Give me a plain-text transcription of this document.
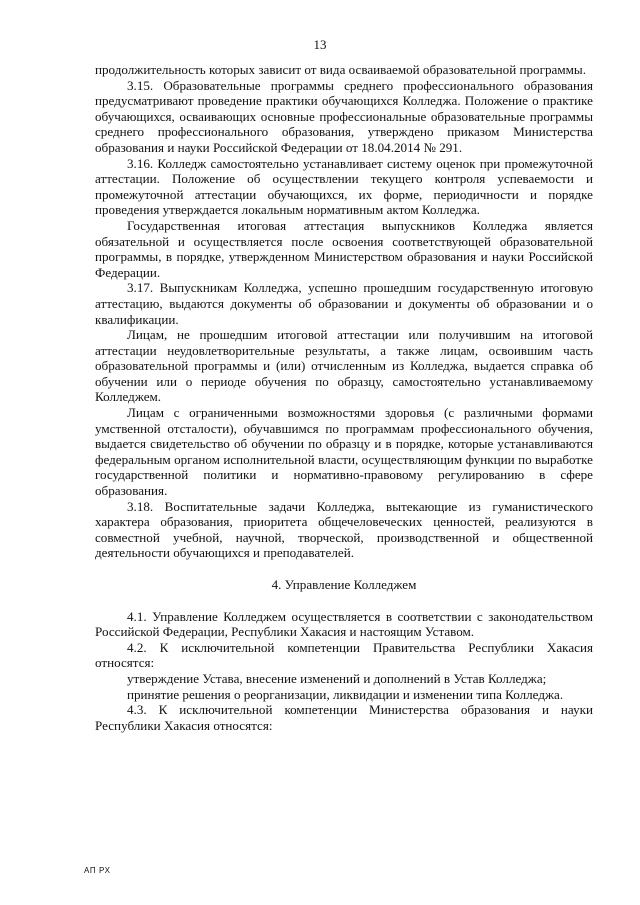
13

продолжительность которых зависит от вида осваиваемой образовательной программы.

3.15. Образовательные программы среднего профессионального образования предусматривают проведение практики обучающихся Колледжа. Положение о практике обучающихся, осваивающих основные профессиональные образовательные программы среднего профессионального образования, утверждено приказом Министерства образования и науки Российской Федерации от 18.04.2014 № 291.

3.16. Колледж самостоятельно устанавливает систему оценок при промежуточной аттестации. Положение об осуществлении текущего контроля успеваемости и промежуточной аттестации обучающихся, их форме, периодичности и порядке проведения утверждается локальным нормативным актом Колледжа.

Государственная итоговая аттестация выпускников Колледжа является обязательной и осуществляется после освоения соответствующей образовательной программы, в порядке, утвержденном Министерством образования и науки Российской Федерации.

3.17. Выпускникам Колледжа, успешно прошедшим государственную итоговую аттестацию, выдаются документы об образовании и документы об образовании и о квалификации.

Лицам, не прошедшим итоговой аттестации или получившим на итоговой аттестации неудовлетворительные результаты, а также лицам, освоившим часть образовательной программы и (или) отчисленным из Колледжа, выдается справка об обучении или о периоде обучения по образцу, самостоятельно устанавливаемому Колледжем.

Лицам с ограниченными возможностями здоровья (с различными формами умственной отсталости), обучавшимся по программам профессионального обучения, выдается свидетельство об обучении по образцу и в порядке, которые устанавливаются федеральным органом исполнительной власти, осуществляющим функции по выработке государственной политики и нормативно-правовому регулированию в сфере образования.

3.18. Воспитательные задачи Колледжа, вытекающие из гуманистического характера образования, приоритета общечеловеческих ценностей, реализуются в совместной учебной, научной, творческой, производственной и общественной деятельности обучающихся и преподавателей.

4. Управление Колледжем

4.1. Управление Колледжем осуществляется в соответствии с законодательством Российской Федерации, Республики Хакасия и настоящим Уставом.

4.2. К исключительной компетенции Правительства Республики Хакасия относятся:

утверждение Устава, внесение изменений и дополнений в Устав Колледжа;

принятие решения о реорганизации, ликвидации и изменении типа Колледжа.

4.3. К исключительной компетенции Министерства образования и науки Республики Хакасия относятся:

АП РХ
